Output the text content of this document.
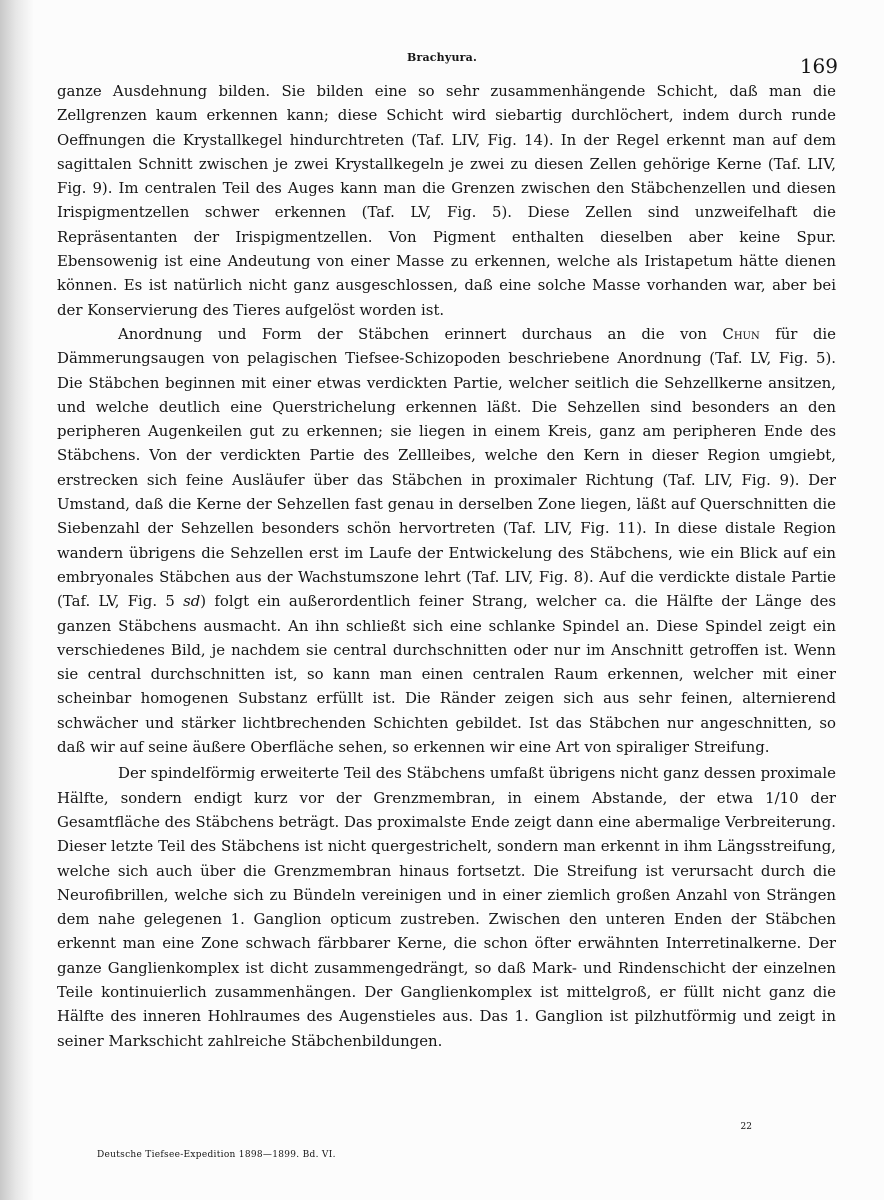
Brachyura.	169

ganze Ausdehnung bilden. Sie bilden eine so sehr zusammenhängende Schicht, daß man die Zellgrenzen kaum erkennen kann; diese Schicht wird siebartig durchlöchert, indem durch runde Oeffnungen die Krystallkegel hindurchtreten (Taf. LIV, Fig. 14). In der Regel erkennt man auf dem sagittalen Schnitt zwischen je zwei Krystallkegeln je zwei zu diesen Zellen gehörige Kerne (Taf. LIV, Fig. 9). Im centralen Teil des Auges kann man die Grenzen zwischen den Stäbchenzellen und diesen Irispigmentzellen schwer erkennen (Taf. LV, Fig. 5). Diese Zellen sind unzweifelhaft die Repräsentanten der Irispigmentzellen. Von Pigment enthalten dieselben aber keine Spur. Ebensowenig ist eine Andeutung von einer Masse zu erkennen, welche als Iristapetum hätte dienen können. Es ist natürlich nicht ganz ausgeschlossen, daß eine solche Masse vorhanden war, aber bei der Konservierung des Tieres aufgelöst worden ist.

Anordnung und Form der Stäbchen erinnert durchaus an die von Chun für die Dämmerungsaugen von pelagischen Tiefsee-Schizopoden beschriebene Anordnung (Taf. LV, Fig. 5). Die Stäbchen beginnen mit einer etwas verdickten Partie, welcher seitlich die Sehzellkerne ansitzen, und welche deutlich eine Querstrichelung erkennen läßt. Die Sehzellen sind besonders an den peripheren Augenkeilen gut zu erkennen; sie liegen in einem Kreis, ganz am peripheren Ende des Stäbchens. Von der verdickten Partie des Zellleibes, welche den Kern in dieser Region umgiebt, erstrecken sich feine Ausläufer über das Stäbchen in proximaler Richtung (Taf. LIV, Fig. 9). Der Umstand, daß die Kerne der Sehzellen fast genau in derselben Zone liegen, läßt auf Querschnitten die Siebenzahl der Sehzellen besonders schön hervortreten (Taf. LIV, Fig. 11). In diese distale Region wandern übrigens die Sehzellen erst im Laufe der Entwickelung des Stäbchens, wie ein Blick auf ein embryonales Stäbchen aus der Wachstumszone lehrt (Taf. LIV, Fig. 8). Auf die verdickte distale Partie (Taf. LV, Fig. 5 sd) folgt ein außerordentlich feiner Strang, welcher ca. die Hälfte der Länge des ganzen Stäbchens ausmacht. An ihn schließt sich eine schlanke Spindel an. Diese Spindel zeigt ein verschiedenes Bild, je nachdem sie central durchschnitten oder nur im Anschnitt getroffen ist. Wenn sie central durchschnitten ist, so kann man einen centralen Raum erkennen, welcher mit einer scheinbar homogenen Substanz erfüllt ist. Die Ränder zeigen sich aus sehr feinen, alternierend schwächer und stärker lichtbrechenden Schichten gebildet. Ist das Stäbchen nur angeschnitten, so daß wir auf seine äußere Oberfläche sehen, so erkennen wir eine Art von spiraliger Streifung.

Der spindelförmig erweiterte Teil des Stäbchens umfaßt übrigens nicht ganz dessen proximale Hälfte, sondern endigt kurz vor der Grenzmembran, in einem Abstande, der etwa 1/10 der Gesamtfläche des Stäbchens beträgt. Das proximalste Ende zeigt dann eine abermalige Verbreiterung. Dieser letzte Teil des Stäbchens ist nicht quergestrichelt, sondern man erkennt in ihm Längsstreifung, welche sich auch über die Grenzmembran hinaus fortsetzt. Die Streifung ist verursacht durch die Neurofibrillen, welche sich zu Bündeln vereinigen und in einer ziemlich großen Anzahl von Strängen dem nahe gelegenen 1. Ganglion opticum zustreben. Zwischen den unteren Enden der Stäbchen erkennt man eine Zone schwach färbbarer Kerne, die schon öfter erwähnten Interretinalkerne. Der ganze Ganglienkomplex ist dicht zusammengedrängt, so daß Mark- und Rindenschicht der einzelnen Teile kontinuierlich zusammenhängen. Der Ganglienkomplex ist mittelgroß, er füllt nicht ganz die Hälfte des inneren Hohlraumes des Augenstieles aus. Das 1. Ganglion ist pilzhutförmig und zeigt in seiner Markschicht zahlreiche Stäbchenbildungen.

22
Deutsche Tiefsee-Expedition 1898—1899. Bd. VI.
